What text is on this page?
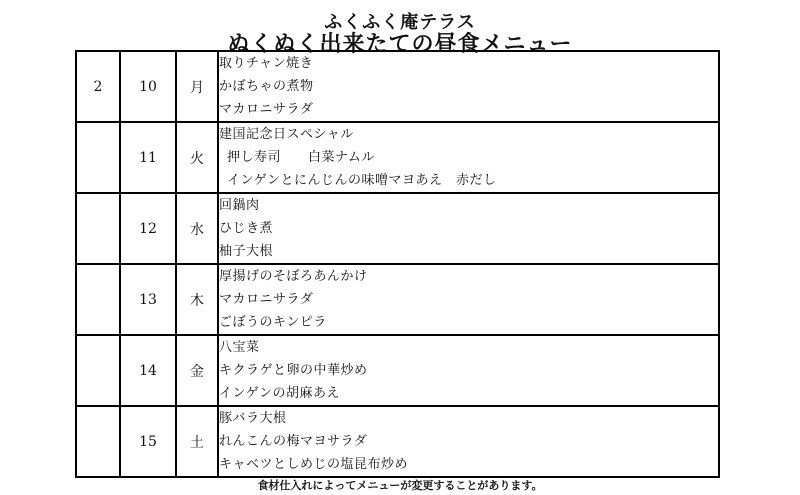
ふくふく庵テラス
ぬくぬく出来たての昼食メニュー
2	10	月	取りチャン焼き
かぼちゃの煮物
マカロニサラダ

	11	火	建国記念日スペシャル
押し寿司　　白菜ナムル
インゲンとにんじんの味噌マヨあえ　赤だし

	12	水	回鍋肉
ひじき煮
柚子大根

	13	木	厚揚げのそぼろあんかけ
マカロニサラダ
ごぼうのキンピラ

	14	金	八宝菜
キクラゲと卵の中華炒め
インゲンの胡麻あえ

	15	土	豚バラ大根
れんこんの梅マヨサラダ
キャベツとしめじの塩昆布炒め
食材仕入れによってメニューが変更することがあります。
